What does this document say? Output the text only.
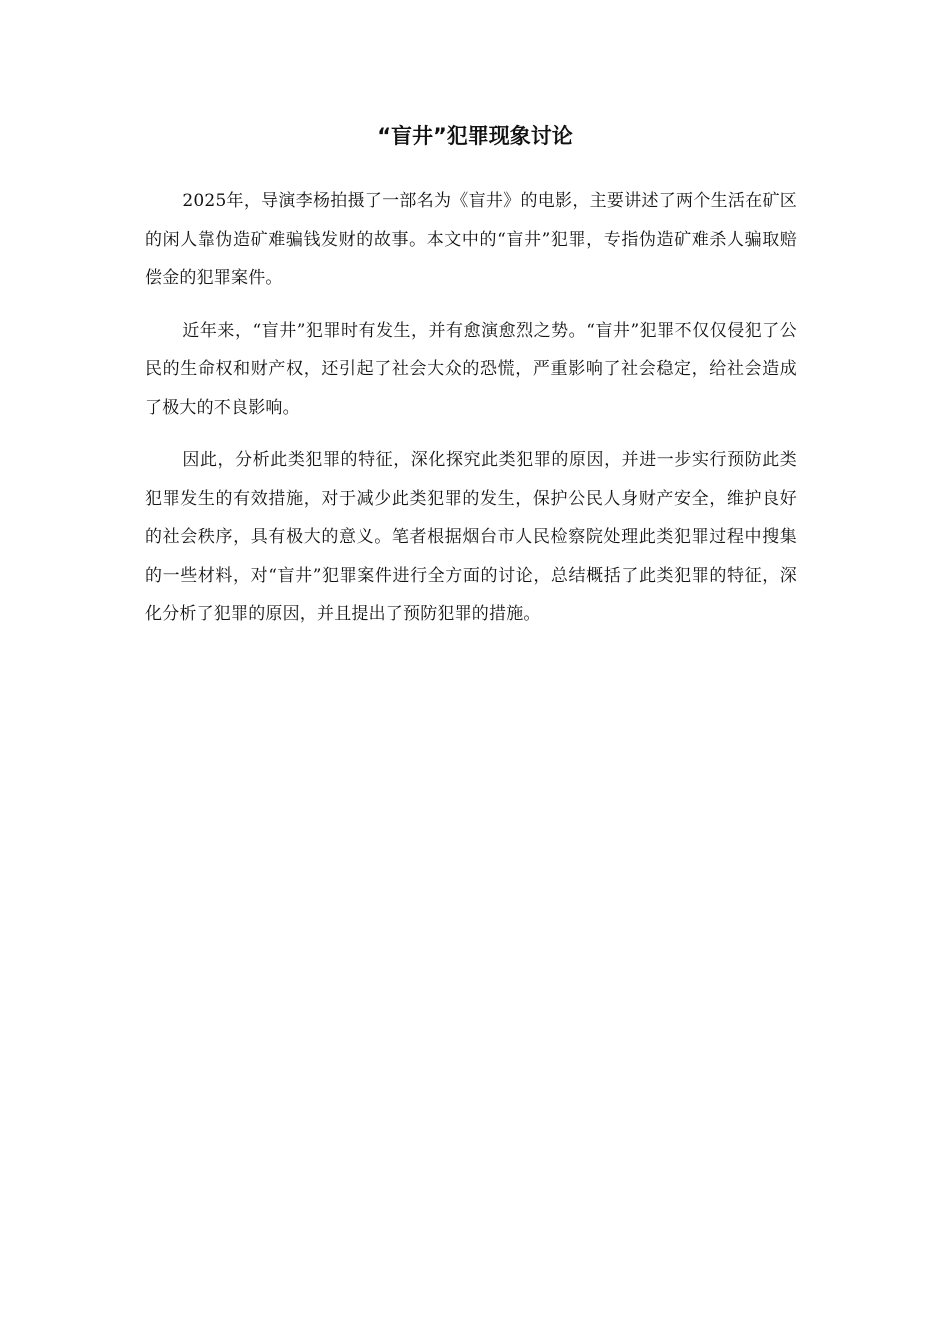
“盲井”犯罪现象讨论

2025年，导演李杨拍摄了一部名为《盲井》的电影，主要讲述了两个生活在矿区的闲人靠伪造矿难骗钱发财的故事。本文中的“盲井”犯罪，专指伪造矿难杀人骗取赔偿金的犯罪案件。

近年来，“盲井”犯罪时有发生，并有愈演愈烈之势。“盲井”犯罪不仅仅侵犯了公民的生命权和财产权，还引起了社会大众的恐慌，严重影响了社会稳定，给社会造成了极大的不良影响。

因此，分析此类犯罪的特征，深化探究此类犯罪的原因，并进一步实行预防此类犯罪发生的有效措施，对于减少此类犯罪的发生，保护公民人身财产安全，维护良好的社会秩序，具有极大的意义。笔者根据烟台市人民检察院处理此类犯罪过程中搜集的一些材料，对“盲井”犯罪案件进行全方面的讨论，总结概括了此类犯罪的特征，深化分析了犯罪的原因，并且提出了预防犯罪的措施。
